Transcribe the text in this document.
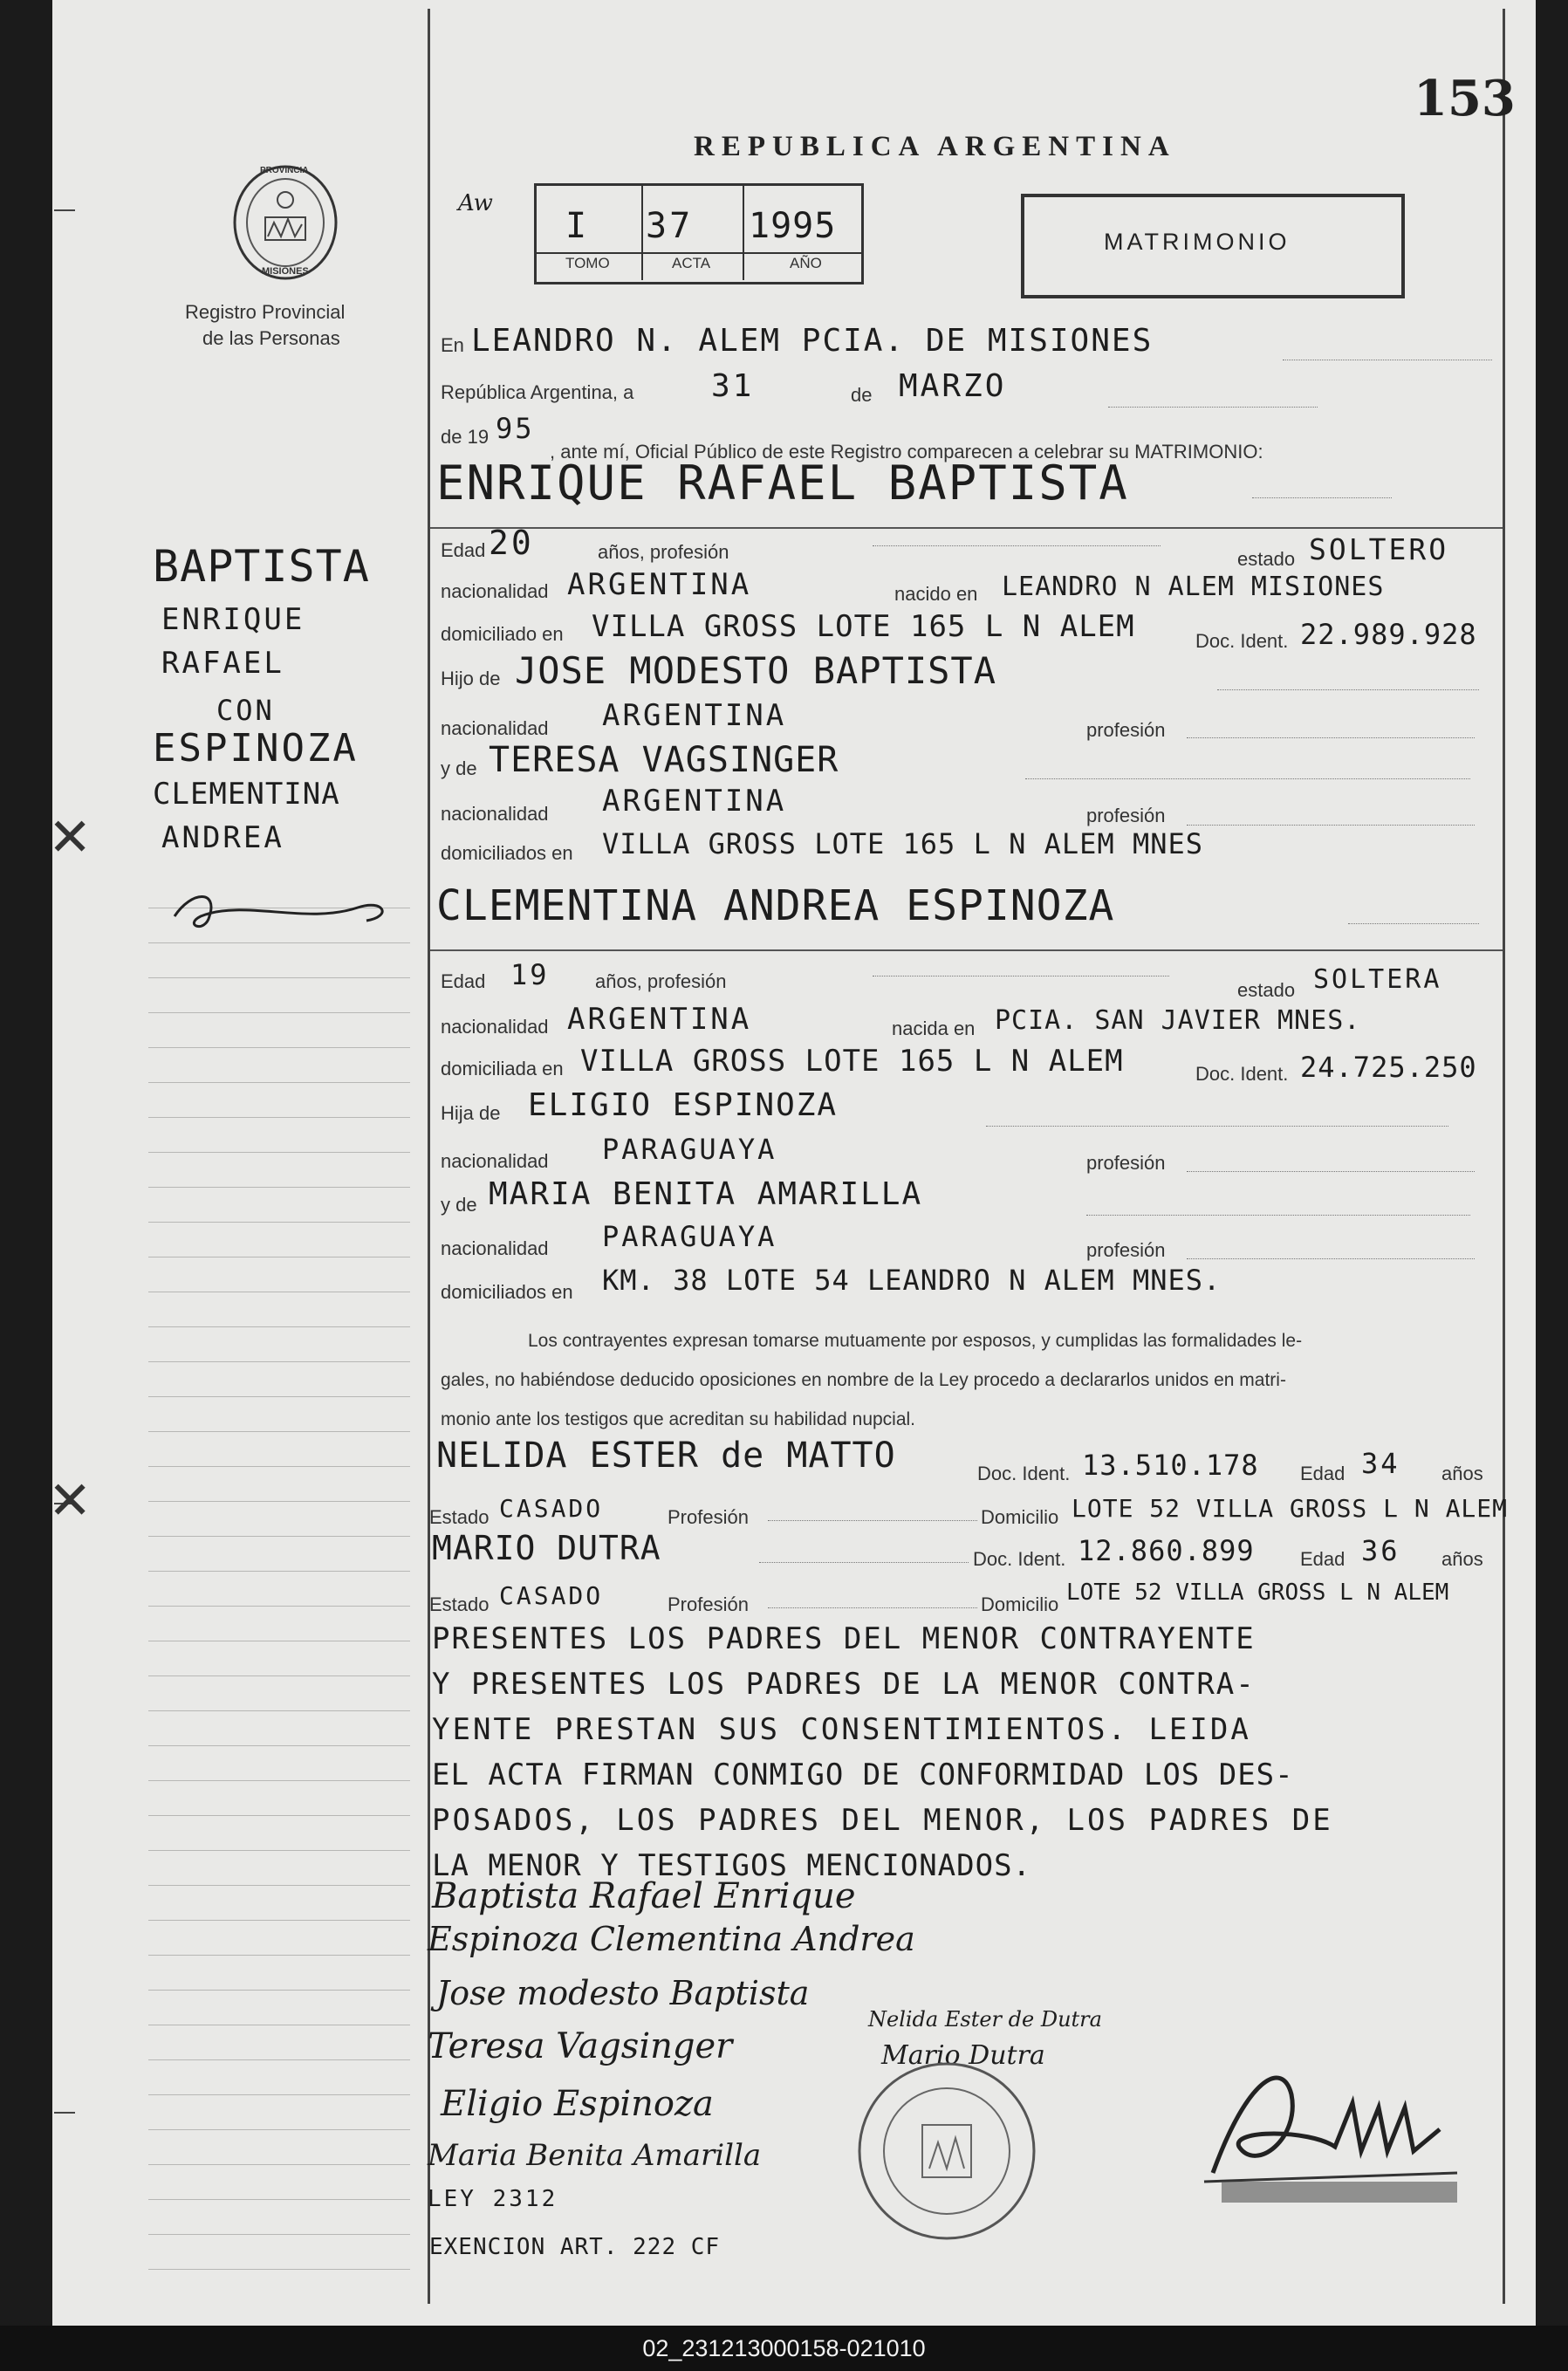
153
REPUBLICA ARGENTINA
PROVINCIA
MISIONES
Registro Provincial
de las Personas
Aw
I 37 1995
TOMO	ACTA	AÑO
MATRIMONIO
En LEANDRO N. ALEM PCIA. DE MISIONES
República Argentina, a 31	de MARZO
de 19 95
, ante mí, Oficial Público de este Registro comparecen a celebrar su MATRIMONIO:
ENRIQUE RAFAEL BAPTISTA
Edad 20	años, profesión	estado SOLTERO
nacionalidad ARGENTINA	nacido en LEANDRO N ALEM MISIONES
domiciliado en VILLA GROSS LOTE 165 L N ALEM	Doc. Ident. 22.989.928
Hijo de JOSE MODESTO BAPTISTA
nacionalidad ARGENTINA	profesión
y de TERESA VAGSINGER
nacionalidad ARGENTINA	profesión
domiciliados en VILLA GROSS LOTE 165 L N ALEM MNES
CLEMENTINA ANDREA ESPINOZA
Edad 19 años, profesión	estado SOLTERA
nacionalidad ARGENTINA	nacida en PCIA. SAN JAVIER MNES.
domiciliada en VILLA GROSS LOTE 165 L N ALEM	Doc. Ident. 24.725.250
Hija de ELIGIO ESPINOZA
nacionalidad PARAGUAYA	profesión
y de MARIA BENITA AMARILLA
nacionalidad PARAGUAYA	profesión
domiciliados en KM. 38 LOTE 54 LEANDRO N ALEM MNES.
Los contrayentes expresan tomarse mutuamente por esposos, y cumplidas las formalidades le-
gales, no habiéndose deducido oposiciones en nombre de la Ley procedo a declararlos unidos en matri-
monio ante los testigos que acreditan su habilidad nupcial.
NELIDA ESTER de MATTO	Doc. Ident. 13.510.178 Edad 34 años
Estado CASADO	Profesión	Domicilio LOTE 52 VILLA GROSS L N ALEM
MARIO DUTRA	Doc. Ident. 12.860.899 Edad 36 años
Estado CASADO	Profesión	Domicilio LOTE 52 VILLA GROSS L N ALEM
PRESENTES LOS PADRES DEL MENOR CONTRAYENTE
Y PRESENTES LOS PADRES DE LA MENOR CONTRA-
YENTE PRESTAN SUS CONSENTIMIENTOS. LEIDA
EL ACTA FIRMAN CONMIGO DE CONFORMIDAD LOS DES-
POSADOS, LOS PADRES DEL MENOR, LOS PADRES DE
LA MENOR Y TESTIGOS MENCIONADOS.
Baptista Rafael Enrique
Espinoza Clementina Andrea
Jose modesto Baptista
Teresa Vagsinger
Eligio Espinoza
Maria Benita Amarilla
Nelida Ester de Dutra
Mario Dutra
LEY 2312
EXENCION ART. 222 CF
BAPTISTA
ENRIQUE
RAFAEL
CON
ESPINOZA
CLEMENTINA
ANDREA
✕
✕
02_231213000158-021010
